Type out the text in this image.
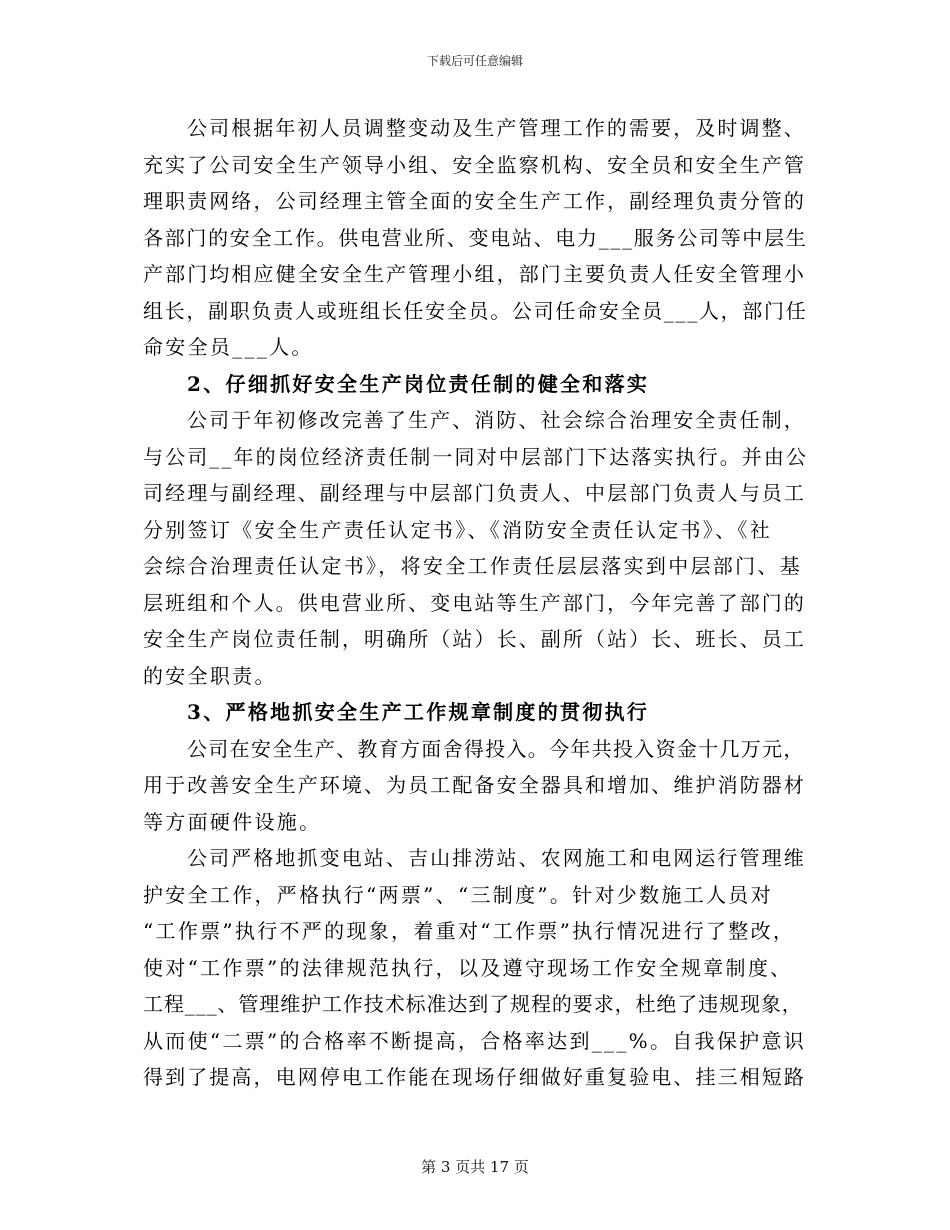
下载后可任意编辑
公司根据年初人员调整变动及生产管理工作的需要，及时调整、
充实了公司安全生产领导小组、安全监察机构、安全员和安全生产管
理职责网络，公司经理主管全面的安全生产工作，副经理负责分管的
各部门的安全工作。供电营业所、变电站、电力___服务公司等中层生
产部门均相应健全安全生产管理小组，部门主要负责人任安全管理小
组长，副职负责人或班组长任安全员。公司任命安全员___人，部门任
命安全员___人。
2、仔细抓好安全生产岗位责任制的健全和落实
公司于年初修改完善了生产、消防、社会综合治理安全责任制，
与公司__年的岗位经济责任制一同对中层部门下达落实执行。并由公
司经理与副经理、副经理与中层部门负责人、中层部门负责人与员工
分别签订《安全生产责任认定书》、《消防安全责任认定书》、《社
会综合治理责任认定书》，将安全工作责任层层落实到中层部门、基
层班组和个人。供电营业所、变电站等生产部门，今年完善了部门的
安全生产岗位责任制，明确所（站）长、副所（站）长、班长、员工
的安全职责。
3、严格地抓安全生产工作规章制度的贯彻执行
公司在安全生产、教育方面舍得投入。今年共投入资金十几万元，
用于改善安全生产环境、为员工配备安全器具和增加、维护消防器材
等方面硬件设施。
公司严格地抓变电站、吉山排涝站、农网施工和电网运行管理维
护安全工作，严格执行“两票”、“三制度”。针对少数施工人员对
“工作票”执行不严的现象，着重对“工作票”执行情况进行了整改，
使对“工作票”的法律规范执行，以及遵守现场工作安全规章制度、
工程___、管理维护工作技术标准达到了规程的要求，杜绝了违规现象，
从而使“二票”的合格率不断提高，合格率达到___%。自我保护意识
得到了提高，电网停电工作能在现场仔细做好重复验电、挂三相短路
第 3 页共 17 页
